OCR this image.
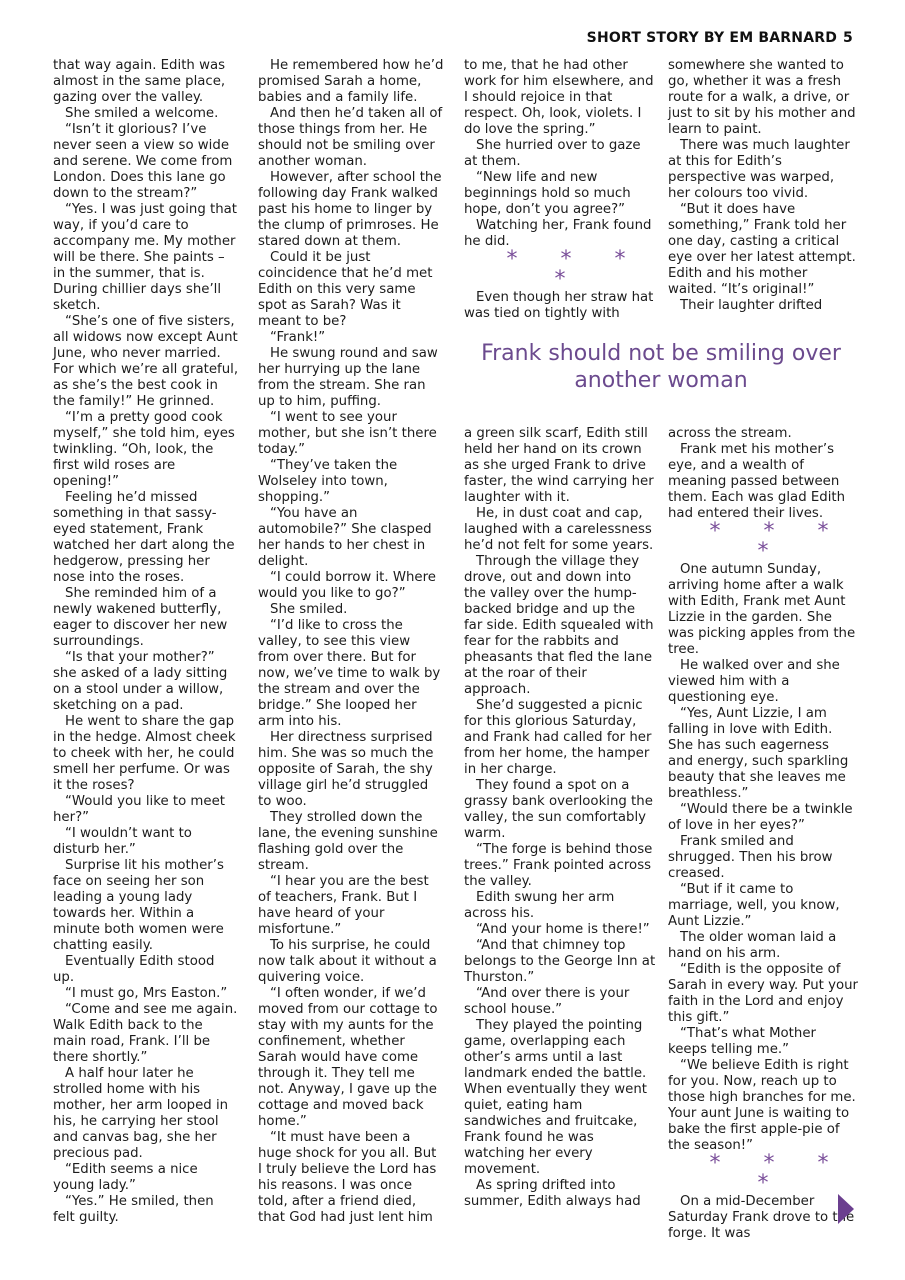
SHORT STORY BY EM BARNARD 5

that way again. Edith was almost in the same place, gazing over the valley.

She smiled a welcome.

“Isn’t it glorious? I’ve never seen a view so wide and serene. We come from London. Does this lane go down to the stream?”

“Yes. I was just going that way, if you’d care to accompany me. My mother will be there. She paints – in the summer, that is. During chillier days she’ll sketch.

“She’s one of five sisters, all widows now except Aunt June, who never married. For which we’re all grateful, as she’s the best cook in the family!” He grinned.

“I’m a pretty good cook myself,” she told him, eyes twinkling. “Oh, look, the first wild roses are opening!”

Feeling he’d missed something in that sassy-eyed statement, Frank watched her dart along the hedgerow, pressing her nose into the roses.

She reminded him of a newly wakened butterfly, eager to discover her new surroundings.

“Is that your mother?” she asked of a lady sitting on a stool under a willow, sketching on a pad.

He went to share the gap in the hedge. Almost cheek to cheek with her, he could smell her perfume. Or was it the roses?

“Would you like to meet her?”

“I wouldn’t want to disturb her.”

Surprise lit his mother’s face on seeing her son leading a young lady towards her. Within a minute both women were chatting easily.

Eventually Edith stood up.

“I must go, Mrs Easton.”

“Come and see me again. Walk Edith back to the main road, Frank. I’ll be there shortly.”

A half hour later he strolled home with his mother, her arm looped in his, he carrying her stool and canvas bag, she her precious pad.

“Edith seems a nice young lady.”

“Yes.” He smiled, then felt guilty.

He remembered how he’d promised Sarah a home, babies and a family life.

And then he’d taken all of those things from her. He should not be smiling over another woman.

However, after school the following day Frank walked past his home to linger by the clump of primroses. He stared down at them.

Could it be just coincidence that he’d met Edith on this very same spot as Sarah? Was it meant to be?

“Frank!”

He swung round and saw her hurrying up the lane from the stream. She ran up to him, puffing.

“I went to see your mother, but she isn’t there today.”

“They’ve taken the Wolseley into town, shopping.”

“You have an automobile?” She clasped her hands to her chest in delight.

“I could borrow it. Where would you like to go?”

She smiled.

“I’d like to cross the valley, to see this view from over there. But for now, we’ve time to walk by the stream and over the bridge.” She looped her arm into his.

Her directness surprised him. She was so much the opposite of Sarah, the shy village girl he’d struggled to woo.

They strolled down the lane, the evening sunshine flashing gold over the stream.

“I hear you are the best of teachers, Frank. But I have heard of your misfortune.”

To his surprise, he could now talk about it without a quivering voice.

“I often wonder, if we’d moved from our cottage to stay with my aunts for the confinement, whether Sarah would have come through it. They tell me not. Anyway, I gave up the cottage and moved back home.”

“It must have been a huge shock for you all. But I truly believe the Lord has his reasons. I was once told, after a friend died, that God had just lent him

to me, that he had other work for him elsewhere, and I should rejoice in that respect. Oh, look, violets. I do love the spring.”

She hurried over to gaze at them.

“New life and new beginnings hold so much hope, don’t you agree?”

Watching her, Frank found he did.

* * * *

Even though her straw hat was tied on tightly with

somewhere she wanted to go, whether it was a fresh route for a walk, a drive, or just to sit by his mother and learn to paint.

There was much laughter at this for Edith’s perspective was warped, her colours too vivid.

“But it does have something,” Frank told her one day, casting a critical eye over her latest attempt. Edith and his mother waited. “It’s original!”

Their laughter drifted

Frank should not be smiling over another woman

a green silk scarf, Edith still held her hand on its crown as she urged Frank to drive faster, the wind carrying her laughter with it.

He, in dust coat and cap, laughed with a carelessness he’d not felt for some years.

Through the village they drove, out and down into the valley over the hump-backed bridge and up the far side. Edith squealed with fear for the rabbits and pheasants that fled the lane at the roar of their approach.

She’d suggested a picnic for this glorious Saturday, and Frank had called for her from her home, the hamper in her charge.

They found a spot on a grassy bank overlooking the valley, the sun comfortably warm.

“The forge is behind those trees.” Frank pointed across the valley.

Edith swung her arm across his.

“And your home is there!”

“And that chimney top belongs to the George Inn at Thurston.”

“And over there is your school house.”

They played the pointing game, overlapping each other’s arms until a last landmark ended the battle. When eventually they went quiet, eating ham sandwiches and fruitcake, Frank found he was watching her every movement.

As spring drifted into summer, Edith always had

across the stream.

Frank met his mother’s eye, and a wealth of meaning passed between them. Each was glad Edith had entered their lives.

* * * *

One autumn Sunday, arriving home after a walk with Edith, Frank met Aunt Lizzie in the garden. She was picking apples from the tree.

He walked over and she viewed him with a questioning eye.

“Yes, Aunt Lizzie, I am falling in love with Edith. She has such eagerness and energy, such sparkling beauty that she leaves me breathless.”

“Would there be a twinkle of love in her eyes?”

Frank smiled and shrugged. Then his brow creased.

“But if it came to marriage, well, you know, Aunt Lizzie.”

The older woman laid a hand on his arm.

“Edith is the opposite of Sarah in every way. Put your faith in the Lord and enjoy this gift.”

“That’s what Mother keeps telling me.”

“We believe Edith is right for you. Now, reach up to those high branches for me. Your aunt June is waiting to bake the first apple-pie of the season!”

* * * *

On a mid-December Saturday Frank drove to the forge. It was
